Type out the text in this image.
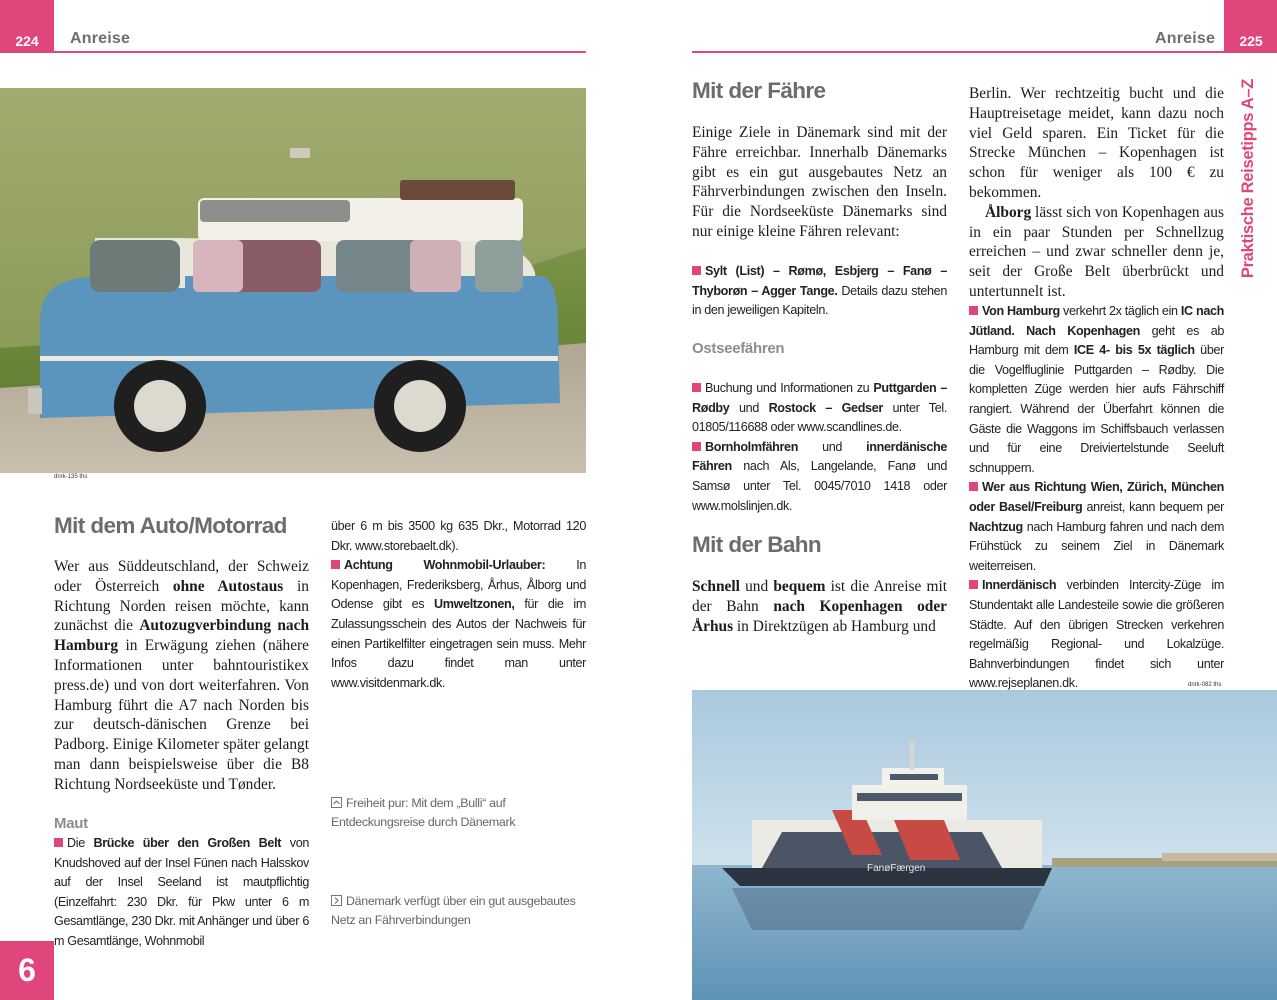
224	Anreise
dnrk-135 ths
Mit dem Auto/Motorrad
Wer aus Süddeutschland, der Schweiz oder Österreich ohne Autostaus in Richtung Norden reisen möchte, kann zunächst die Autozugverbindung nach Hamburg in Erwägung ziehen (nähere Informationen unter bahntouristikex press.de) und von dort weiterfahren. Von Hamburg führt die A7 nach Norden bis zur deutsch-dänischen Grenze bei Padborg. Einige Kilometer später gelangt man dann beispielsweise über die B8 Richtung Nordseeküste und Tønder.
Maut
Die Brücke über den Großen Belt von Knudshoved auf der Insel Fünen nach Halsskov auf der Insel Seeland ist mautpflichtig (Einzelfahrt: 230 Dkr. für Pkw unter 6 m Gesamtlänge, 230 Dkr. mit Anhänger und über 6 m Gesamtlänge, Wohnmobil
über 6 m bis 3500 kg 635 Dkr., Motorrad 120 Dkr. www.storebaelt.dk).
Achtung Wohnmobil-Urlauber: In Kopenhagen, Frederiksberg, Århus, Ålborg und Odense gibt es Umweltzonen, für die im Zulassungsschein des Autos der Nachweis für einen Partikelfilter eingetragen sein muss. Mehr Infos dazu findet man unter www.visitdenmark.dk.
Freiheit pur: Mit dem „Bulli“ auf Entdeckungsreise durch Dänemark
Dänemark verfügt über ein gut ausgebautes Netz an Fährverbindungen
6
Anreise	225
Praktische Reisetipps A–Z
Mit der Fähre
Einige Ziele in Dänemark sind mit der Fähre erreichbar. Innerhalb Dänemarks gibt es ein gut ausgebautes Netz an Fährverbindungen zwischen den Inseln. Für die Nordseeküste Dänemarks sind nur einige kleine Fähren relevant:
Sylt (List) – Rømø, Esbjerg – Fanø – Thyborøn – Agger Tange. Details dazu stehen in den jeweiligen Kapiteln.
Ostseefähren
Buchung und Informationen zu Puttgarden – Rødby und Rostock – Gedser unter Tel. 01805/116688 oder www.scandlines.de.
Bornholmfähren und innerdänische Fähren nach Als, Langelande, Fanø und Samsø unter Tel. 0045/7010 1418 oder www.molslinjen.dk.
Mit der Bahn
Schnell und bequem ist die Anreise mit der Bahn nach Kopenhagen oder Århus in Direktzügen ab Hamburg und
Berlin. Wer rechtzeitig bucht und die Hauptreisetage meidet, kann dazu noch viel Geld sparen. Ein Ticket für die Strecke München – Kopenhagen ist schon für weniger als 100 € zu bekommen.
Ålborg lässt sich von Kopenhagen aus in ein paar Stunden per Schnellzug erreichen – und zwar schneller denn je, seit der Große Belt überbrückt und untertunnelt ist.
Von Hamburg verkehrt 2x täglich ein IC nach Jütland. Nach Kopenhagen geht es ab Hamburg mit dem ICE 4- bis 5x täglich über die Vogelfluglinie Puttgarden – Rødby. Die kompletten Züge werden hier aufs Fährschiff rangiert. Während der Überfahrt können die Gäste die Waggons im Schiffsbauch verlassen und für eine Dreiviertelstunde Seeluft schnuppern.
Wer aus Richtung Wien, Zürich, München oder Basel/Freiburg anreist, kann bequem per Nachtzug nach Hamburg fahren und nach dem Frühstück zu seinem Ziel in Dänemark weiterreisen.
Innerdänisch verbinden Intercity-Züge im Stundentakt alle Landesteile sowie die größeren Städte. Auf den übrigen Strecken verkehren regelmäßig Regional- und Lokalzüge. Bahnverbindungen findet sich unter www.rejseplanen.dk.	dnrk-082 ths
FanøFærgen
